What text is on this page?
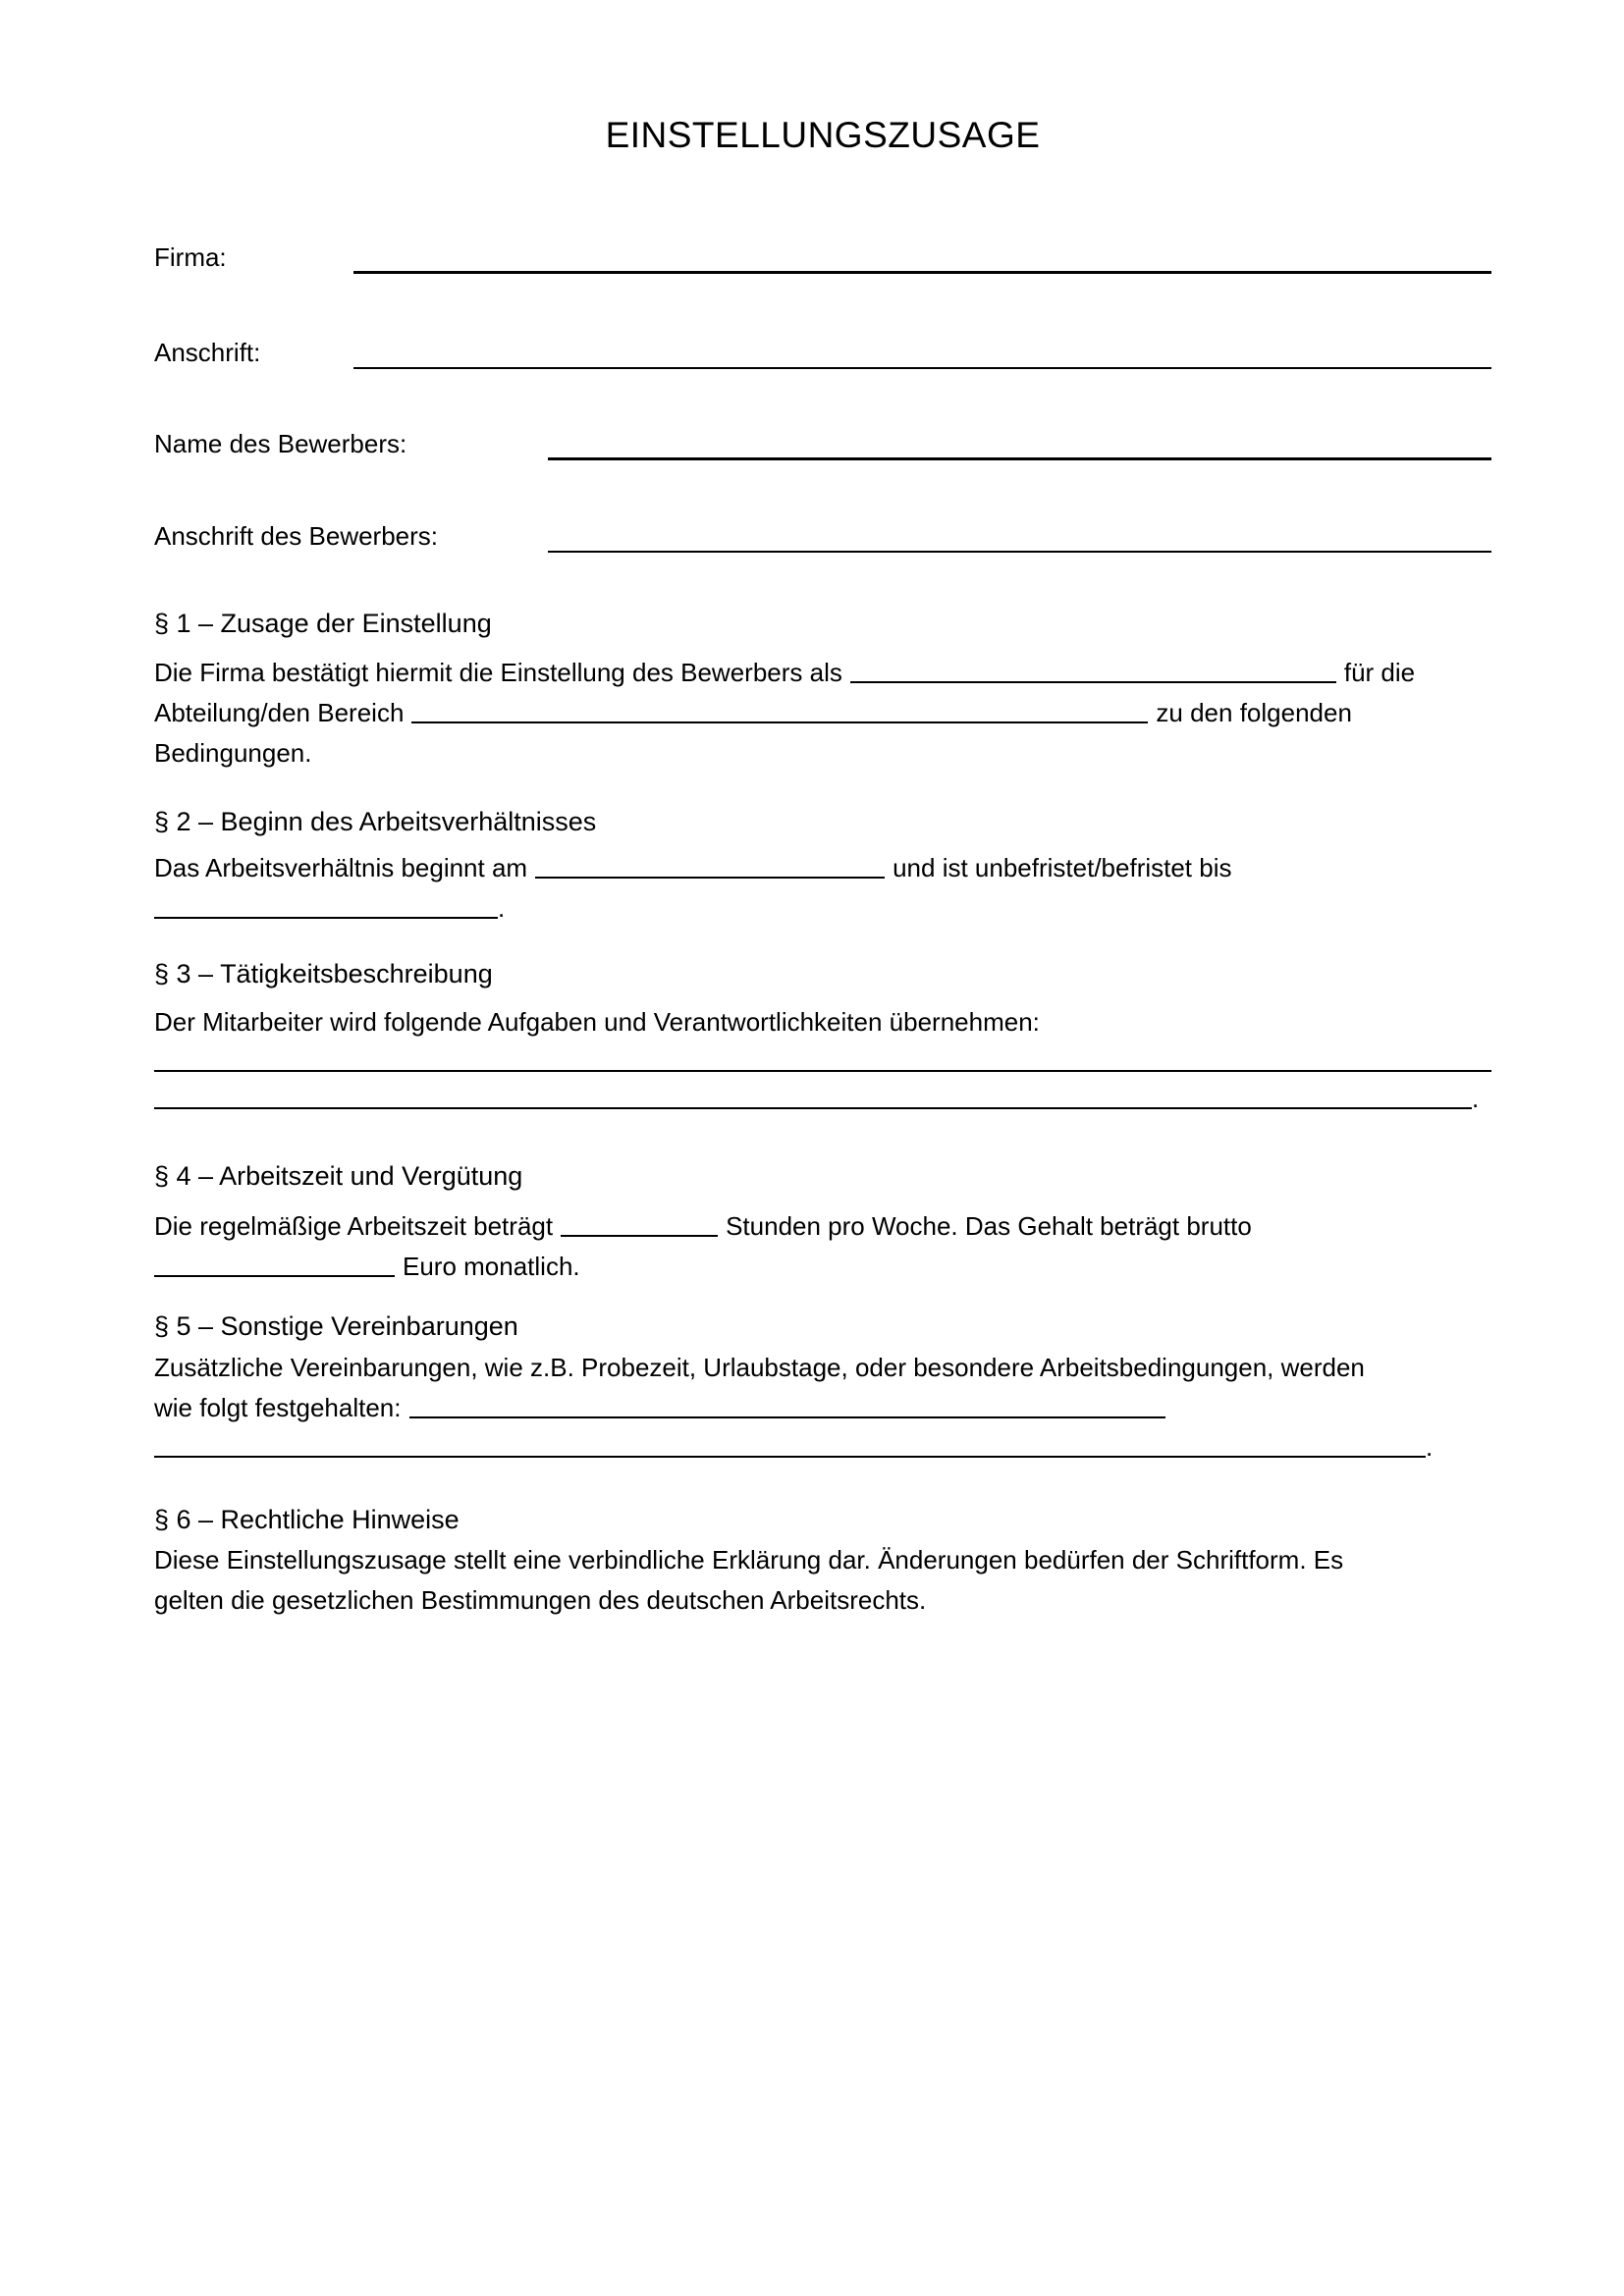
EINSTELLUNGSZUSAGE
Firma:
Anschrift:
Name des Bewerbers:
Anschrift des Bewerbers:
§ 1 – Zusage der Einstellung
Die Firma bestätigt hiermit die Einstellung des Bewerbers als	für die
Abteilung/den Bereich	zu den folgenden
Bedingungen.
§ 2 – Beginn des Arbeitsverhältnisses
Das Arbeitsverhältnis beginnt am	und ist unbefristet/befristet bis
.
§ 3 – Tätigkeitsbeschreibung
Der Mitarbeiter wird folgende Aufgaben und Verantwortlichkeiten übernehmen:
.
§ 4 – Arbeitszeit und Vergütung
Die regelmäßige Arbeitszeit beträgt	Stunden pro Woche. Das Gehalt beträgt brutto
Euro monatlich.
§ 5 – Sonstige Vereinbarungen
Zusätzliche Vereinbarungen, wie z.B. Probezeit, Urlaubstage, oder besondere Arbeitsbedingungen, werden
wie folgt festgehalten:
.
§ 6 – Rechtliche Hinweise
Diese Einstellungszusage stellt eine verbindliche Erklärung dar. Änderungen bedürfen der Schriftform. Es
gelten die gesetzlichen Bestimmungen des deutschen Arbeitsrechts.
